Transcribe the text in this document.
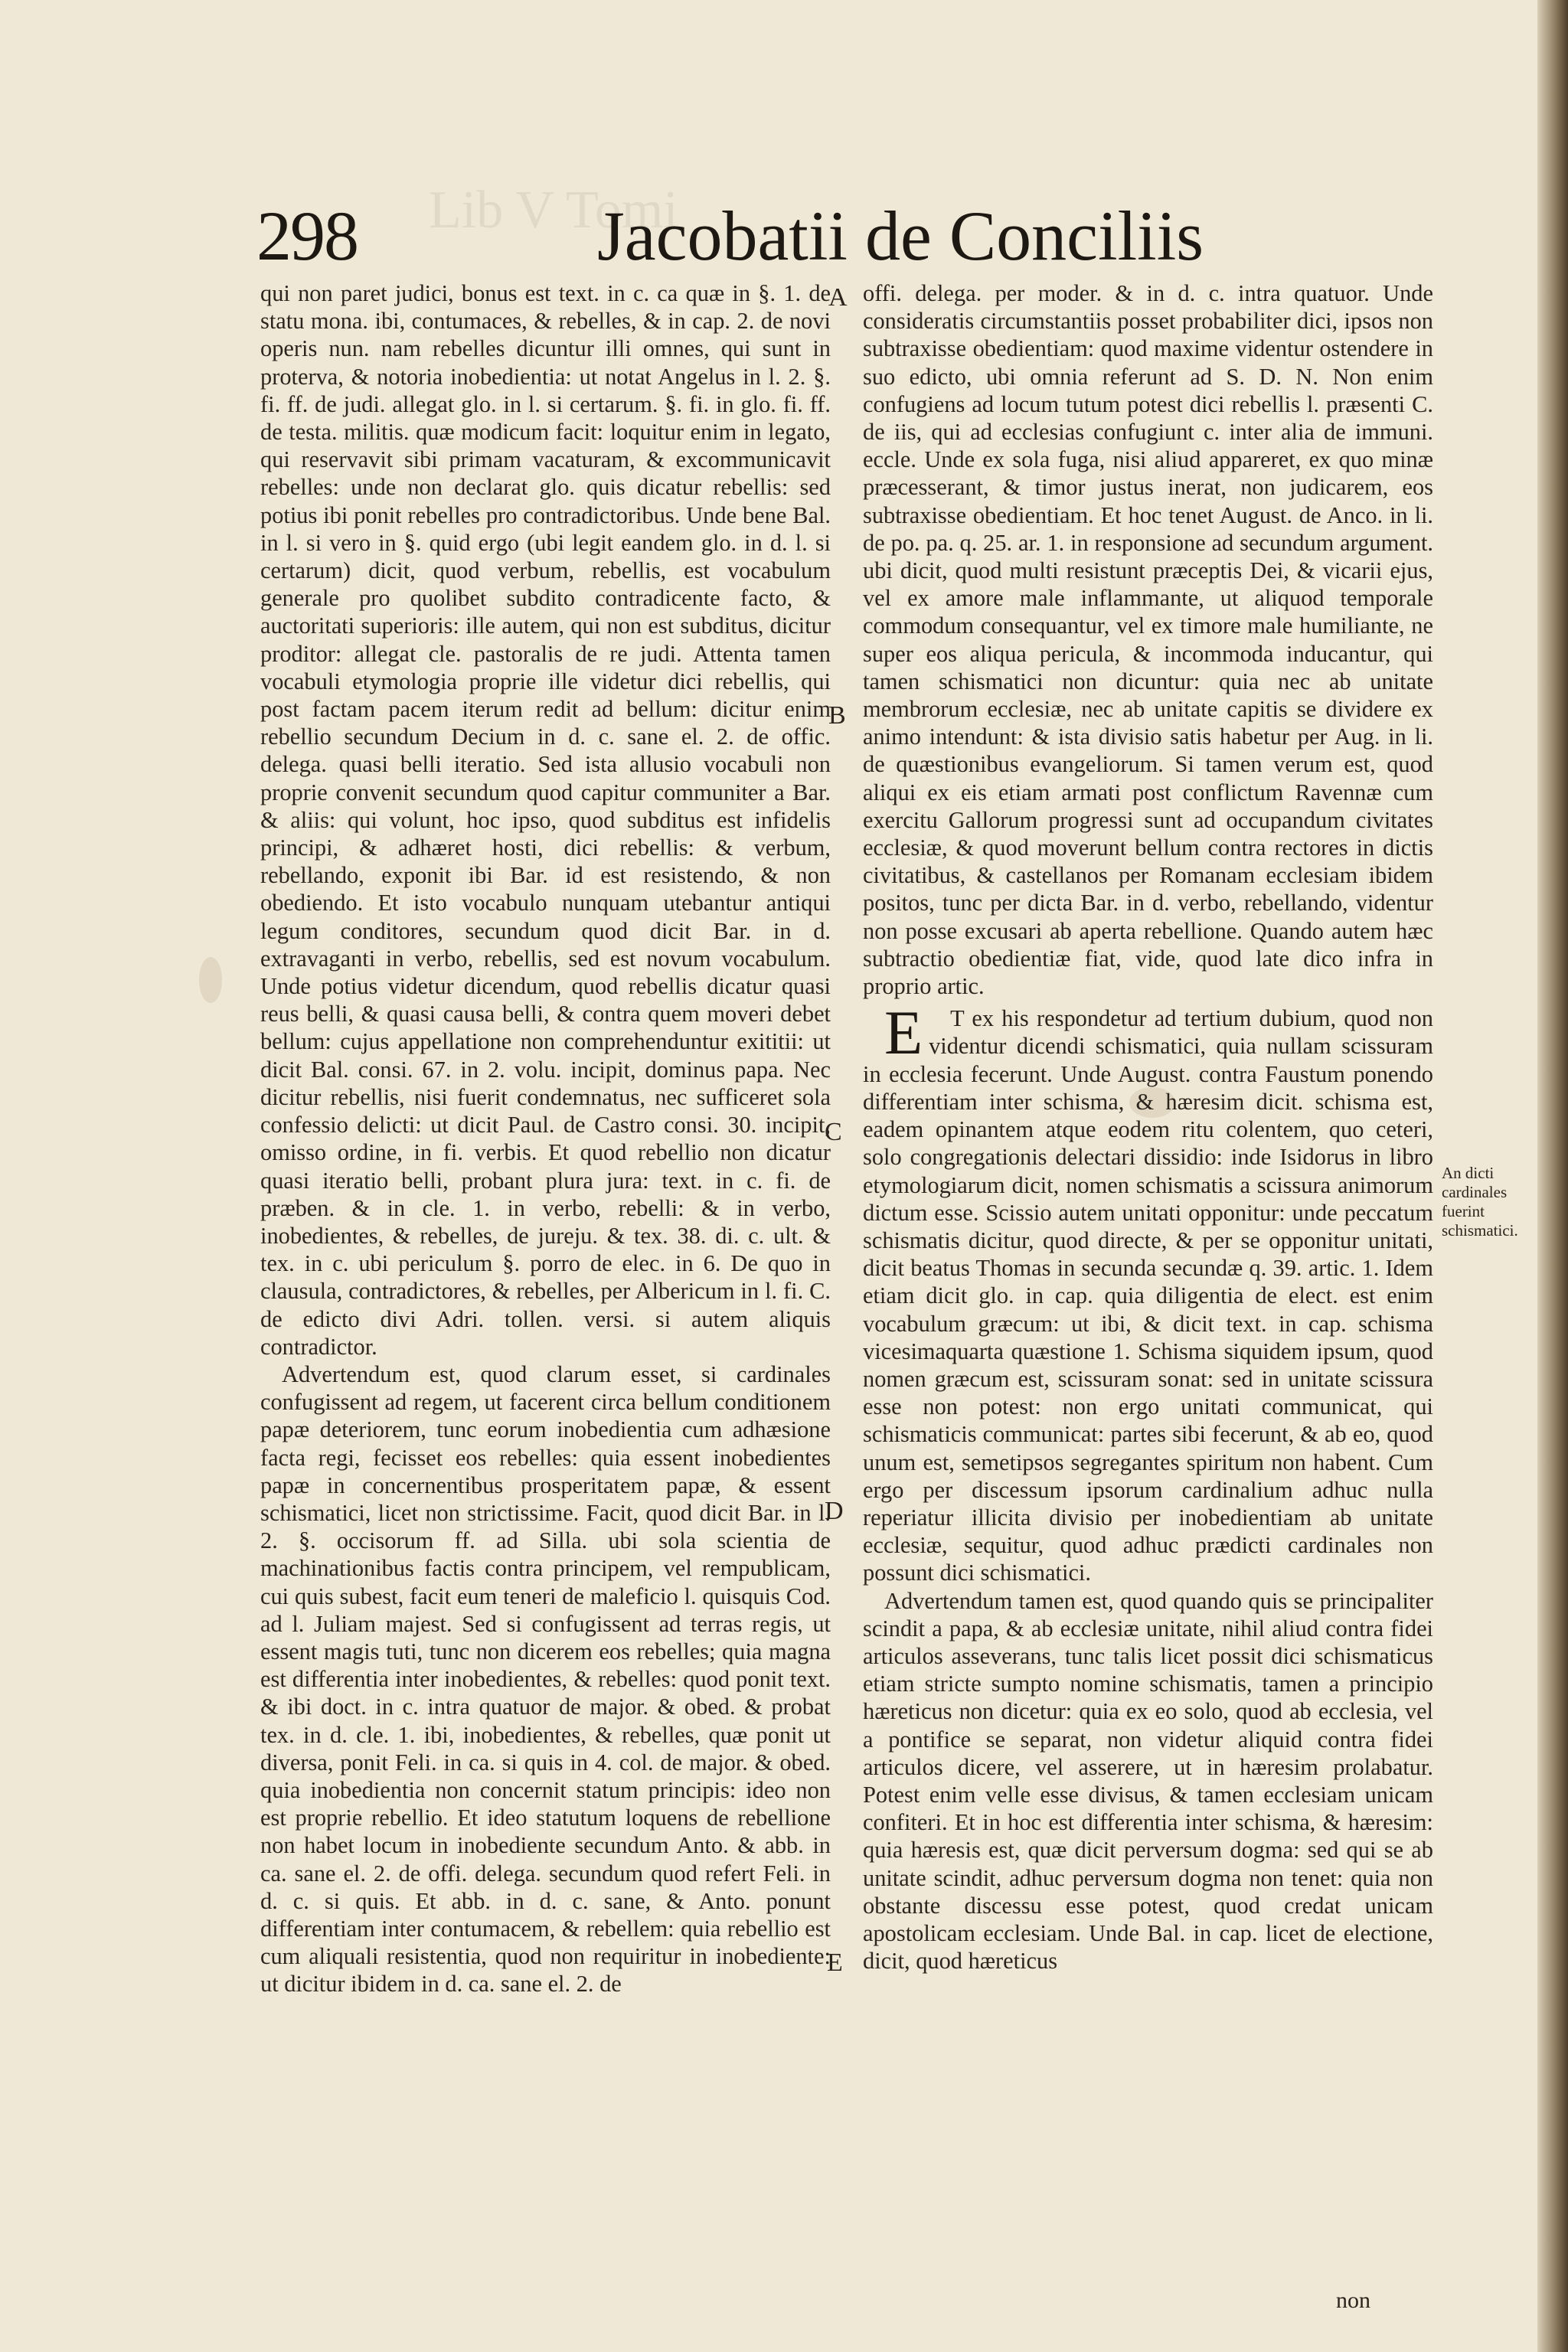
Lib V Tomi
298	Jacobatii de Conciliis

qui non paret judici, bonus est text. in c. ca quæ in §. 1. de statu mona. ibi, contumaces, & rebelles, & in cap. 2. de novi operis nun. nam rebelles dicuntur illi omnes, qui sunt in proterva, & notoria inobedientia: ut notat Angelus in l. 2. §. fi. ff. de judi. allegat glo. in l. si certarum. §. fi. in glo. fi. ff. de testa. militis. quæ modicum facit: loquitur enim in legato, qui reservavit sibi primam vacaturam, & excommunicavit rebelles: unde non declarat glo. quis dicatur rebellis: sed potius ibi ponit rebelles pro contradictoribus. Unde bene Bal. in l. si vero in §. quid ergo (ubi legit eandem glo. in d. l. si certarum) dicit, quod verbum, rebellis, est vocabulum generale pro quolibet subdito contradicente facto, & auctoritati superioris: ille autem, qui non est subditus, dicitur proditor: allegat cle. pastoralis de re judi. Attenta tamen vocabuli etymologia proprie ille videtur dici rebellis, qui post factam pacem iterum redit ad bellum: dicitur enim rebellio secundum Decium in d. c. sane el. 2. de offic. delega. quasi belli iteratio. Sed ista allusio vocabuli non proprie convenit secundum quod capitur communiter a Bar. & aliis: qui volunt, hoc ipso, quod subditus est infidelis principi, & adhæret hosti, dici rebellis: & verbum, rebellando, exponit ibi Bar. id est resistendo, & non obediendo. Et isto vocabulo nunquam utebantur antiqui legum conditores, secundum quod dicit Bar. in d. extravaganti in verbo, rebellis, sed est novum vocabulum. Unde potius videtur dicendum, quod rebellis dicatur quasi reus belli, & quasi causa belli, & contra quem moveri debet bellum: cujus appellatione non comprehenduntur exititii: ut dicit Bal. consi. 67. in 2. volu. incipit, dominus papa. Nec dicitur rebellis, nisi fuerit condemnatus, nec sufficeret sola confessio delicti: ut dicit Paul. de Castro consi. 30. incipit, omisso ordine, in fi. verbis. Et quod rebellio non dicatur quasi iteratio belli, probant plura jura: text. in c. fi. de præben. & in cle. 1. in verbo, rebelli: & in verbo, inobedientes, & rebelles, de jureju. & tex. 38. di. c. ult. & tex. in c. ubi periculum §. porro de elec. in 6. De quo in clausula, contradictores, & rebelles, per Albericum in l. fi. C. de edicto divi Adri. tollen. versi. si autem aliquis contradictor.

Advertendum est, quod clarum esset, si cardinales confugissent ad regem, ut facerent circa bellum conditionem papæ deteriorem, tunc eorum inobedientia cum adhæsione facta regi, fecisset eos rebelles: quia essent inobedientes papæ in concernentibus prosperitatem papæ, & essent schismatici, licet non strictissime. Facit, quod dicit Bar. in l. 2. §. occisorum ff. ad Silla. ubi sola scientia de machinationibus factis contra principem, vel rempublicam, cui quis subest, facit eum teneri de maleficio l. quisquis Cod. ad l. Juliam majest. Sed si confugissent ad terras regis, ut essent magis tuti, tunc non dicerem eos rebelles; quia magna est differentia inter inobedientes, & rebelles: quod ponit text. & ibi doct. in c. intra quatuor de major. & obed. & probat tex. in d. cle. 1. ibi, inobedientes, & rebelles, quæ ponit ut diversa, ponit Feli. in ca. si quis in 4. col. de major. & obed. quia inobedientia non concernit statum principis: ideo non est proprie rebellio. Et ideo statutum loquens de rebellione non habet locum in inobediente secundum Anto. & abb. in ca. sane el. 2. de offi. delega. secundum quod refert Feli. in d. c. si quis. Et abb. in d. c. sane, & Anto. ponunt differentiam inter contumacem, & rebellem: quia rebellio est cum aliquali resistentia, quod non requiritur in inobediente: ut dicitur ibidem in d. ca. sane el. 2. de

offi. delega. per moder. & in d. c. intra quatuor. Unde consideratis circumstantiis posset probabiliter dici, ipsos non subtraxisse obedientiam: quod maxime videntur ostendere in suo edicto, ubi omnia referunt ad S. D. N. Non enim confugiens ad locum tutum potest dici rebellis l. præsenti C. de iis, qui ad ecclesias confugiunt c. inter alia de immuni. eccle. Unde ex sola fuga, nisi aliud appareret, ex quo minæ præcesserant, & timor justus inerat, non judicarem, eos subtraxisse obedientiam. Et hoc tenet August. de Anco. in li. de po. pa. q. 25. ar. 1. in responsione ad secundum argument. ubi dicit, quod multi resistunt præceptis Dei, & vicarii ejus, vel ex amore male inflammante, ut aliquod temporale commodum consequantur, vel ex timore male humiliante, ne super eos aliqua pericula, & incommoda inducantur, qui tamen schismatici non dicuntur: quia nec ab unitate membrorum ecclesiæ, nec ab unitate capitis se dividere ex animo intendunt: & ista divisio satis habetur per Aug. in li. de quæstionibus evangeliorum. Si tamen verum est, quod aliqui ex eis etiam armati post conflictum Ravennæ cum exercitu Gallorum progressi sunt ad occupandum civitates ecclesiæ, & quod moverunt bellum contra rectores in dictis civitatibus, & castellanos per Romanam ecclesiam ibidem positos, tunc per dicta Bar. in d. verbo, rebellando, videntur non posse excusari ab aperta rebellione. Quando autem hæc subtractio obedientiæ fiat, vide, quod late dico infra in proprio artic.

E T ex his respondetur ad tertium dubium, quod non videntur dicendi schismatici, quia nullam scissuram in ecclesia fecerunt. Unde August. contra Faustum ponendo differentiam inter schisma, & hæresim dicit. schisma est, eadem opinantem atque eodem ritu colentem, quo ceteri, solo congregationis delectari dissidio: inde Isidorus in libro etymologiarum dicit, nomen schismatis a scissura animorum dictum esse. Scissio autem unitati opponitur: unde peccatum schismatis dicitur, quod directe, & per se opponitur unitati, dicit beatus Thomas in secunda secundæ q. 39. artic. 1. Idem etiam dicit glo. in cap. quia diligentia de elect. est enim vocabulum græcum: ut ibi, & dicit text. in cap. schisma vicesimaquarta quæstione 1. Schisma siquidem ipsum, quod nomen græcum est, scissuram sonat: sed in unitate scissura esse non potest: non ergo unitati communicat, qui schismaticis communicat: partes sibi fecerunt, & ab eo, quod unum est, semetipsos segregantes spiritum non habent. Cum ergo per discessum ipsorum cardinalium adhuc nulla reperiatur illicita divisio per inobedientiam ab unitate ecclesiæ, sequitur, quod adhuc prædicti cardinales non possunt dici schismatici.

Advertendum tamen est, quod quando quis se principaliter scindit a papa, & ab ecclesiæ unitate, nihil aliud contra fidei articulos asseverans, tunc talis licet possit dici schismaticus etiam stricte sumpto nomine schismatis, tamen a principio hæreticus non dicetur: quia ex eo solo, quod ab ecclesia, vel a pontifice se separat, non videtur aliquid contra fidei articulos dicere, vel asserere, ut in hæresim prolabatur. Potest enim velle esse divisus, & tamen ecclesiam unicam confiteri. Et in hoc est differentia inter schisma, & hæresim: quia hæresis est, quæ dicit perversum dogma: sed qui se ab unitate scindit, adhuc perversum dogma non tenet: quia non obstante discessu esse potest, quod credat unicam apostolicam ecclesiam. Unde Bal. in cap. licet de electione, dicit, quod hæreticus

A
B
C
D
E
An dicti cardinales fuerint schismatici.
non
